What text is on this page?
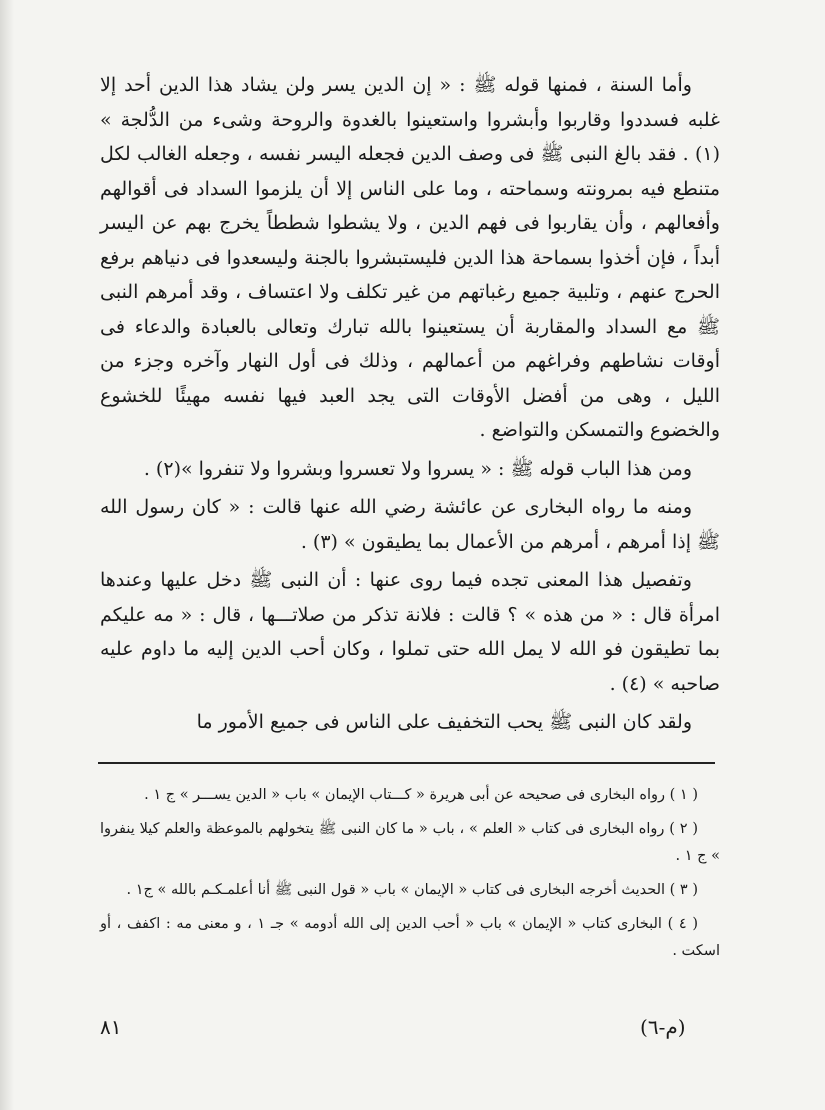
وأما السنة ، فمنها قوله ﷺ : « إن الدين يسر ولن يشاد هذا الدين أحد إلا غلبه فسددوا وقاربوا وأبشروا واستعينوا بالغدوة والروحة وشىء من الدُّلجة » (١) . فقد بالغ النبى ﷺ فى وصف الدين فجعله اليسر نفسه ، وجعله الغالب لكل متنطع فيه بمرونته وسماحته ، وما على الناس إلا أن يلزموا السداد فى أقوالهم وأفعالهم ، وأن يقاربوا فى فهم الدين ، ولا يشطوا شططاً يخرج بهم عن اليسر أبداً ، فإن أخذوا بسماحة هذا الدين فليستبشروا بالجنة وليسعدوا فى دنياهم برفع الحرج عنهم ، وتلبية جميع رغباتهم من غير تكلف ولا اعتساف ، وقد أمرهم النبى ﷺ مع السداد والمقاربة أن يستعينوا بالله تبارك وتعالى بالعبادة والدعاء فى أوقات نشاطهم وفراغهم من أعمالهم ، وذلك فى أول النهار وآخره وجزء من الليل ، وهى من أفضل الأوقات التى يجد العبد فيها نفسه مهيئًا للخشوع والخضوع والتمسكن والتواضع .

ومن هذا الباب قوله ﷺ : « يسروا ولا تعسروا وبشروا ولا تنفروا »(٢) .

ومنه ما رواه البخارى عن عائشة رضي الله عنها قالت : « كان رسول الله ﷺ إذا أمرهم ، أمرهم من الأعمال بما يطيقون » (٣) .

وتفصيل هذا المعنى تجده فيما روى عنها : أن النبى ﷺ دخل عليها وعندها امرأة قال : « من هذه » ؟ قالت : فلانة تذكر من صلاتـــها ، قال : « مه عليكم بما تطيقون فو الله لا يمل الله حتى تملوا ، وكان أحب الدين إليه ما داوم عليه صاحبه » (٤) .

ولقد كان النبى ﷺ يحب التخفيف على الناس فى جميع الأمور ما

( ١ ) رواه البخارى فى صحيحه عن أبى هريرة « كـــتاب الإيمان » باب « الدين يســـر » ج ١ .

( ٢ ) رواه البخارى فى كتاب « العلم » ، باب « ما كان النبى ﷺ يتخولهم بالموعظة والعلم كيلا ينفروا » ج ١ .

( ٣ ) الحديث أخرجه البخارى فى كتاب « الإيمان » باب « قول النبى ﷺ أنا أعلمـكـم بالله » ج١ .

( ٤ ) البخارى كتاب « الإيمان » باب « أحب الدين إلى الله أدومه » جـ ١ ، و معنى مه : اكفف ، أو اسكت .

٨١	(م-٦)
